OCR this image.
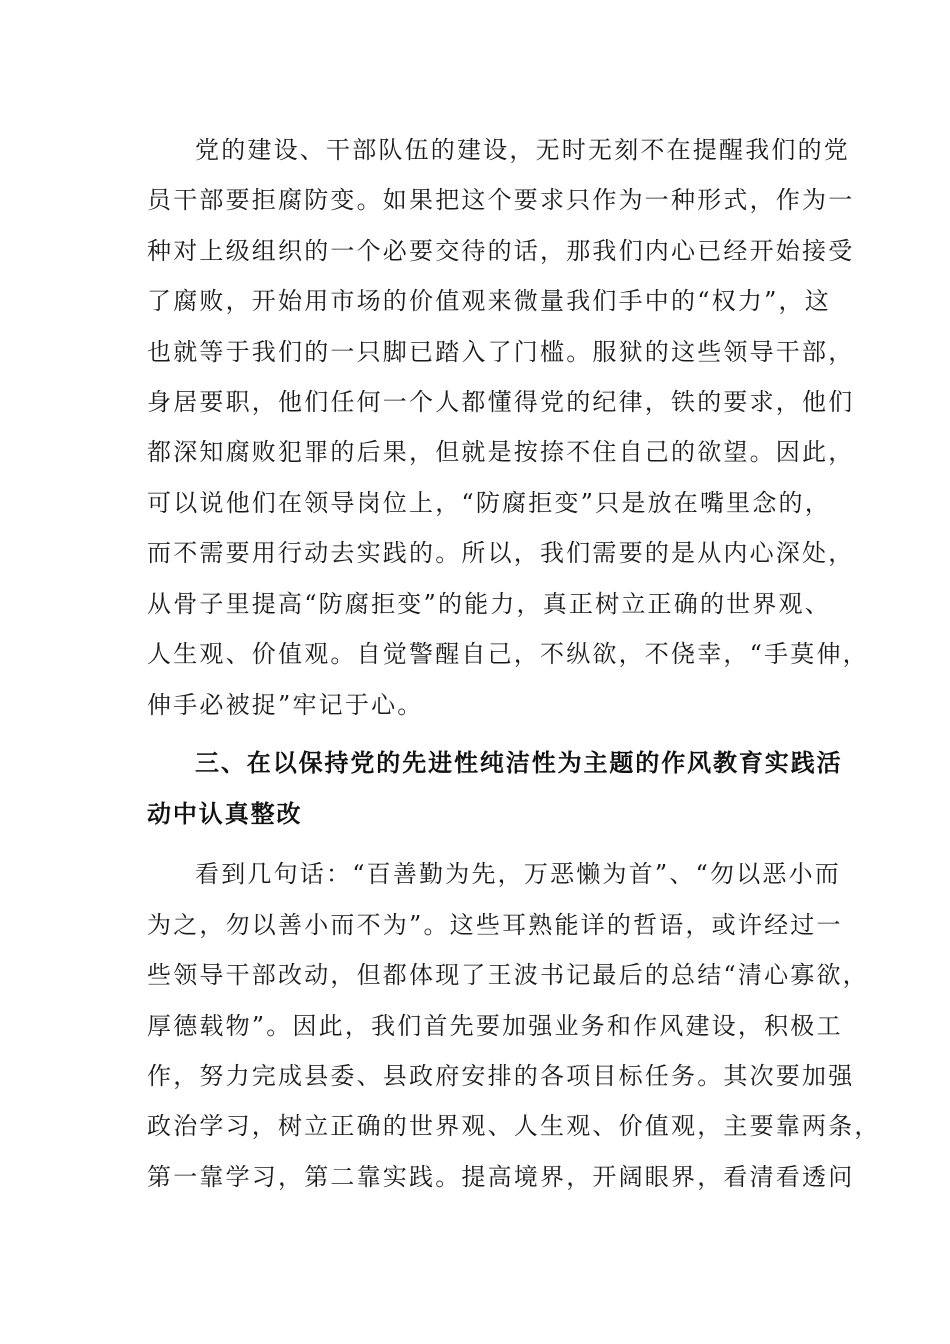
党的建设、干部队伍的建设，无时无刻不在提醒我们的党
员干部要拒腐防变。如果把这个要求只作为一种形式，作为一
种对上级组织的一个必要交待的话，那我们内心已经开始接受
了腐败，开始用市场的价值观来微量我们手中的“权力”，这
也就等于我们的一只脚已踏入了门槛。服狱的这些领导干部，
身居要职，他们任何一个人都懂得党的纪律，铁的要求，他们
都深知腐败犯罪的后果，但就是按捺不住自己的欲望。因此，
可以说他们在领导岗位上，“防腐拒变”只是放在嘴里念的，
而不需要用行动去实践的。所以，我们需要的是从内心深处，
从骨子里提高“防腐拒变”的能力，真正树立正确的世界观、
人生观、价值观。自觉警醒自己，不纵欲，不侥幸，“手莫伸，
伸手必被捉”牢记于心。
三、在以保持党的先进性纯洁性为主题的作风教育实践活
动中认真整改
看到几句话：“百善勤为先，万恶懒为首”、“勿以恶小而
为之，勿以善小而不为”。这些耳熟能详的哲语，或许经过一
些领导干部改动，但都体现了王波书记最后的总结“清心寡欲，
厚德载物”。因此，我们首先要加强业务和作风建设，积极工
作，努力完成县委、县政府安排的各项目标任务。其次要加强
政治学习，树立正确的世界观、人生观、价值观，主要靠两条，
第一靠学习，第二靠实践。提高境界，开阔眼界，看清看透问
